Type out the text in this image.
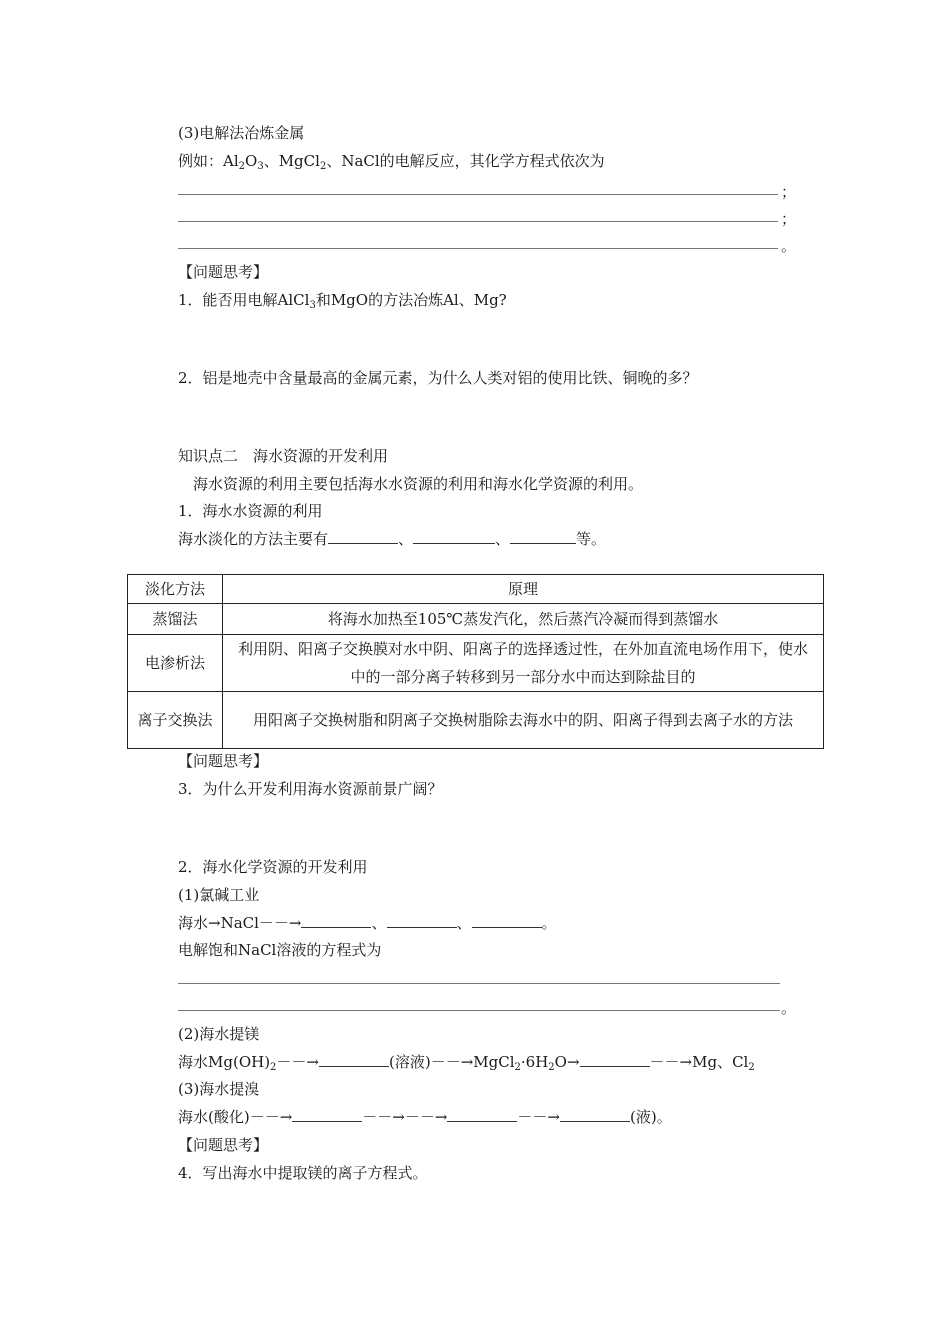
(3)电解法冶炼金属
例如：$Al_2O_3$、MgCl$_2$、NaCl的电解反应，其化学方程式依次为
；
；
。
【问题思考】
1．能否用电解AlCl$_3$和MgO的方法冶炼Al、Mg?
2．铝是地壳中含量最高的金属元素，为什么人类对铝的使用比铁、铜晚的多？
知识点二　海水资源的开发利用
海水资源的利用主要包括海水水资源的利用和海水化学资源的利用。
1．海水水资源的利用
海水淡化的方法主要有	、	、	等。
淡化方法	原理
蒸馏法	将海水加热至105℃蒸发汽化，然后蒸汽冷凝而得到蒸馏水
电渗析法	利用阴、阳离子交换膜对水中阴、阳离子的选择透过性，在外加直流电场作用下，使水中的一部分离子转移到另一部分水中而达到除盐目的
离子交换法	用阳离子交换树脂和阴离子交换树脂除去海水中的阴、阳离子得到去离子水的方法
【问题思考】
3．为什么开发利用海水资源前景广阔？
2．海水化学资源的开发利用
(1)氯碱工业
海水→NaCl－－→	、	、	。
电解饱和NaCl溶液的方程式为
。
(2)海水提镁
海水$Mg(OH)_2--\to$	(溶液)$--\to MgCl_2\cdot 6H_2O\to$	－－→Mg、$Cl_2$
(3)海水提溴
海水(酸化)－－→	－－→－－→	－－→	(液)。
【问题思考】
4．写出海水中提取镁的离子方程式。
